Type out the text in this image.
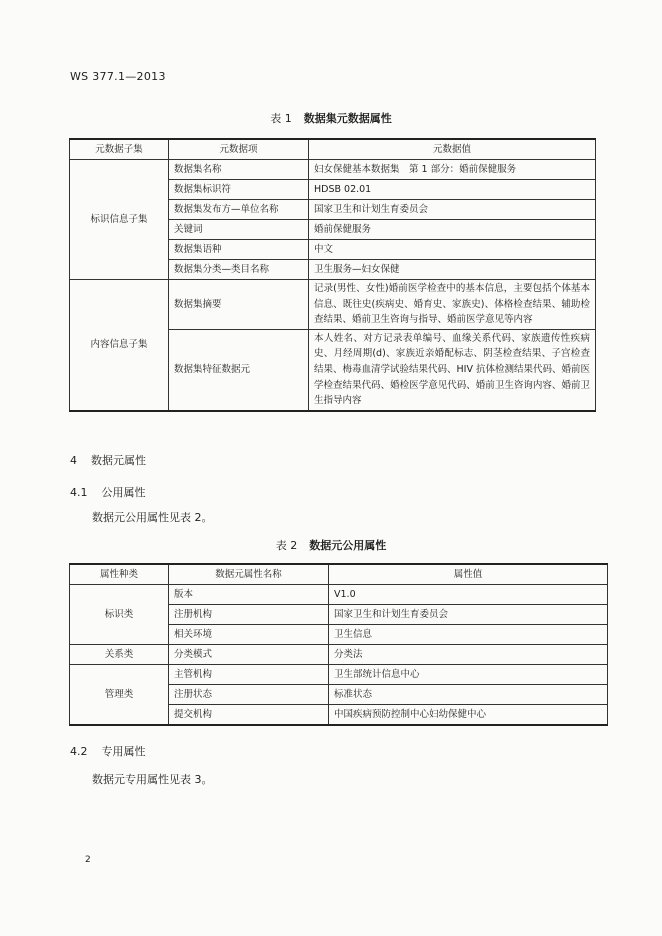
WS 377.1—2013
表 1 数据集元数据属性
元数据子集	元数据项	元数据值
标识信息子集	数据集名称	妇女保健基本数据集　第 1 部分：婚前保健服务
	数据集标识符	HDSB 02.01
	数据集发布方—单位名称	国家卫生和计划生育委员会
	关键词	婚前保健服务
	数据集语种	中文
	数据集分类—类目名称	卫生服务—妇女保健
内容信息子集	数据集摘要	记录(男性、女性)婚前医学检查中的基本信息，主要包括个体基本信息、既往史(疾病史、婚育史、家族史)、体格检查结果、辅助检查结果、婚前卫生咨询与指导、婚前医学意见等内容
	数据集特征数据元	本人姓名、对方记录表单编号、血缘关系代码、家族遗传性疾病史、月经周期(d)、家族近亲婚配标志、阴茎检查结果、子宫检查结果、梅毒血清学试验结果代码、HIV 抗体检测结果代码、婚前医学检查结果代码、婚检医学意见代码、婚前卫生咨询内容、婚前卫生指导内容
4 数据元属性
4.1 公用属性
数据元公用属性见表 2。
表 2 数据元公用属性
属性种类	数据元属性名称	属性值
标识类	版本	V1.0
	注册机构	国家卫生和计划生育委员会
	相关环境	卫生信息
关系类	分类模式	分类法
管理类	主管机构	卫生部统计信息中心
	注册状态	标准状态
	提交机构	中国疾病预防控制中心妇幼保健中心
4.2 专用属性
数据元专用属性见表 3。
2
